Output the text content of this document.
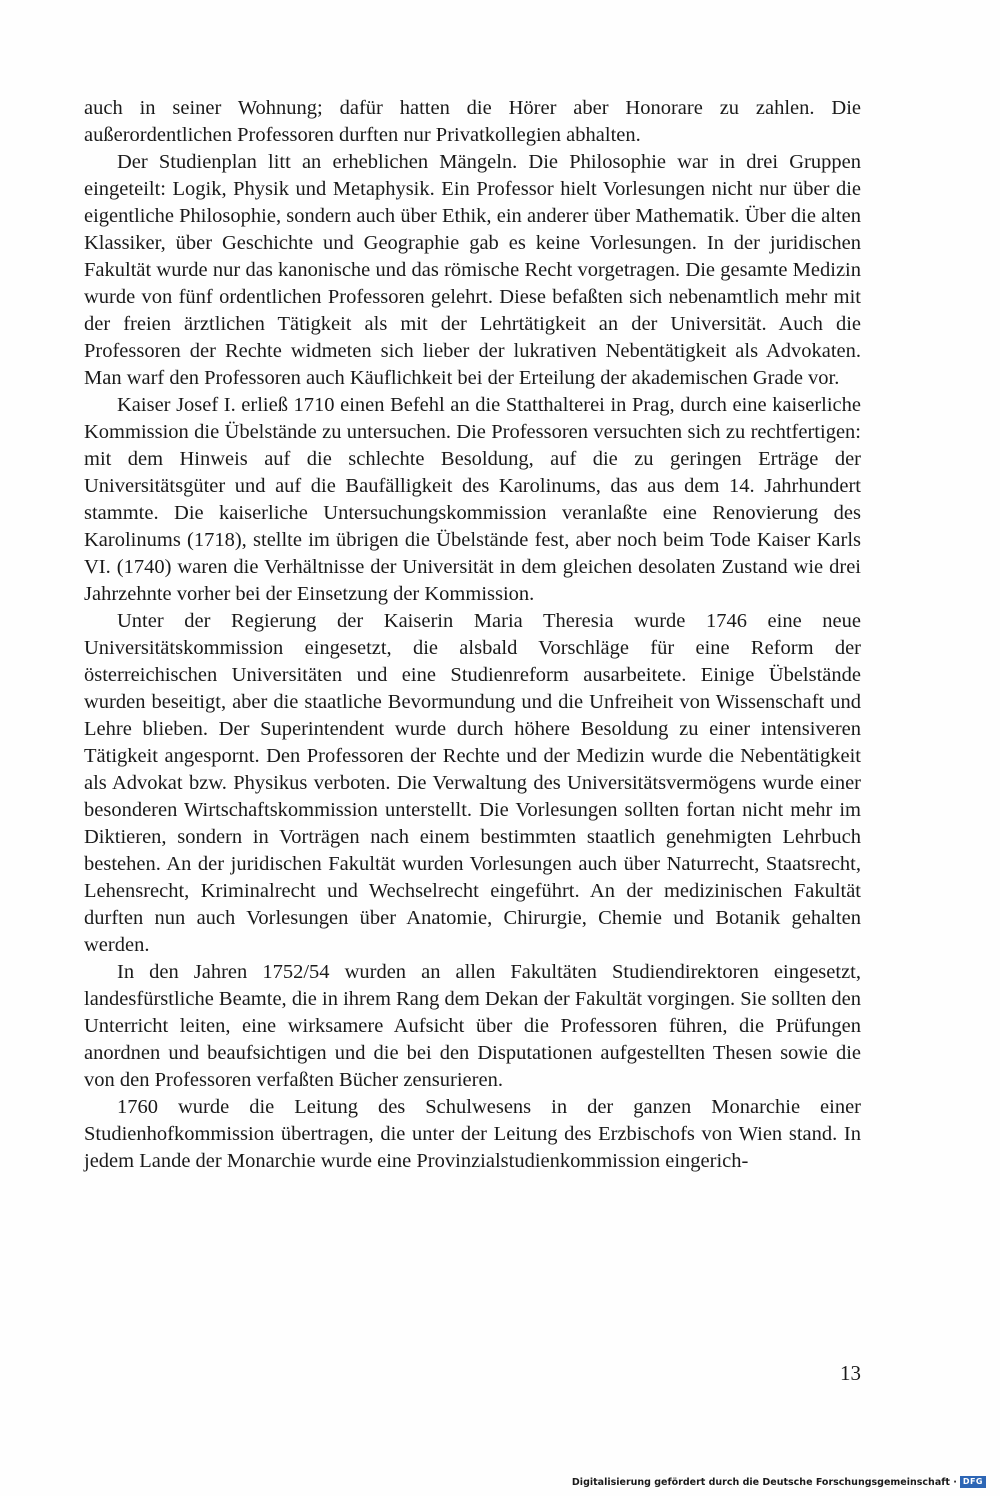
auch in seiner Wohnung; dafür hatten die Hörer aber Honorare zu zahlen. Die außerordentlichen Professoren durften nur Privatkollegien abhalten.

Der Studienplan litt an erheblichen Mängeln. Die Philosophie war in drei Gruppen eingeteilt: Logik, Physik und Metaphysik. Ein Professor hielt Vorlesungen nicht nur über die eigentliche Philosophie, sondern auch über Ethik, ein anderer über Mathematik. Über die alten Klassiker, über Geschichte und Geographie gab es keine Vorlesungen. In der juridischen Fakultät wurde nur das kanonische und das römische Recht vorgetragen. Die gesamte Medizin wurde von fünf ordentlichen Professoren gelehrt. Diese befaßten sich nebenamtlich mehr mit der freien ärztlichen Tätigkeit als mit der Lehrtätigkeit an der Universität. Auch die Professoren der Rechte widmeten sich lieber der lukrativen Nebentätigkeit als Advokaten. Man warf den Professoren auch Käuflichkeit bei der Erteilung der akademischen Grade vor.

Kaiser Josef I. erließ 1710 einen Befehl an die Statthalterei in Prag, durch eine kaiserliche Kommission die Übelstände zu untersuchen. Die Professoren versuchten sich zu rechtfertigen: mit dem Hinweis auf die schlechte Besoldung, auf die zu geringen Erträge der Universitätsgüter und auf die Baufälligkeit des Karolinums, das aus dem 14. Jahrhundert stammte. Die kaiserliche Untersuchungskommission veranlaßte eine Renovierung des Karolinums (1718), stellte im übrigen die Übelstände fest, aber noch beim Tode Kaiser Karls VI. (1740) waren die Verhältnisse der Universität in dem gleichen desolaten Zustand wie drei Jahrzehnte vorher bei der Einsetzung der Kommission.

Unter der Regierung der Kaiserin Maria Theresia wurde 1746 eine neue Universitätskommission eingesetzt, die alsbald Vorschläge für eine Reform der österreichischen Universitäten und eine Studienreform ausarbeitete. Einige Übelstände wurden beseitigt, aber die staatliche Bevormundung und die Unfreiheit von Wissenschaft und Lehre blieben. Der Superintendent wurde durch höhere Besoldung zu einer intensiveren Tätigkeit angespornt. Den Professoren der Rechte und der Medizin wurde die Nebentätigkeit als Advokat bzw. Physikus verboten. Die Verwaltung des Universitätsvermögens wurde einer besonderen Wirtschaftskommission unterstellt. Die Vorlesungen sollten fortan nicht mehr im Diktieren, sondern in Vorträgen nach einem bestimmten staatlich genehmigten Lehrbuch bestehen. An der juridischen Fakultät wurden Vorlesungen auch über Naturrecht, Staatsrecht, Lehensrecht, Kriminalrecht und Wechselrecht eingeführt. An der medizinischen Fakultät durften nun auch Vorlesungen über Anatomie, Chirurgie, Chemie und Botanik gehalten werden.

In den Jahren 1752/54 wurden an allen Fakultäten Studiendirektoren eingesetzt, landesfürstliche Beamte, die in ihrem Rang dem Dekan der Fakultät vorgingen. Sie sollten den Unterricht leiten, eine wirksamere Aufsicht über die Professoren führen, die Prüfungen anordnen und beaufsichtigen und die bei den Disputationen aufgestellten Thesen sowie die von den Professoren verfaßten Bücher zensurieren.

1760 wurde die Leitung des Schulwesens in der ganzen Monarchie einer Studienhofkommission übertragen, die unter der Leitung des Erzbischofs von Wien stand. In jedem Lande der Monarchie wurde eine Provinzialstudienkommission eingerich-

13
Digitalisierung gefördert durch die Deutsche Forschungsgemeinschaft · DFG
